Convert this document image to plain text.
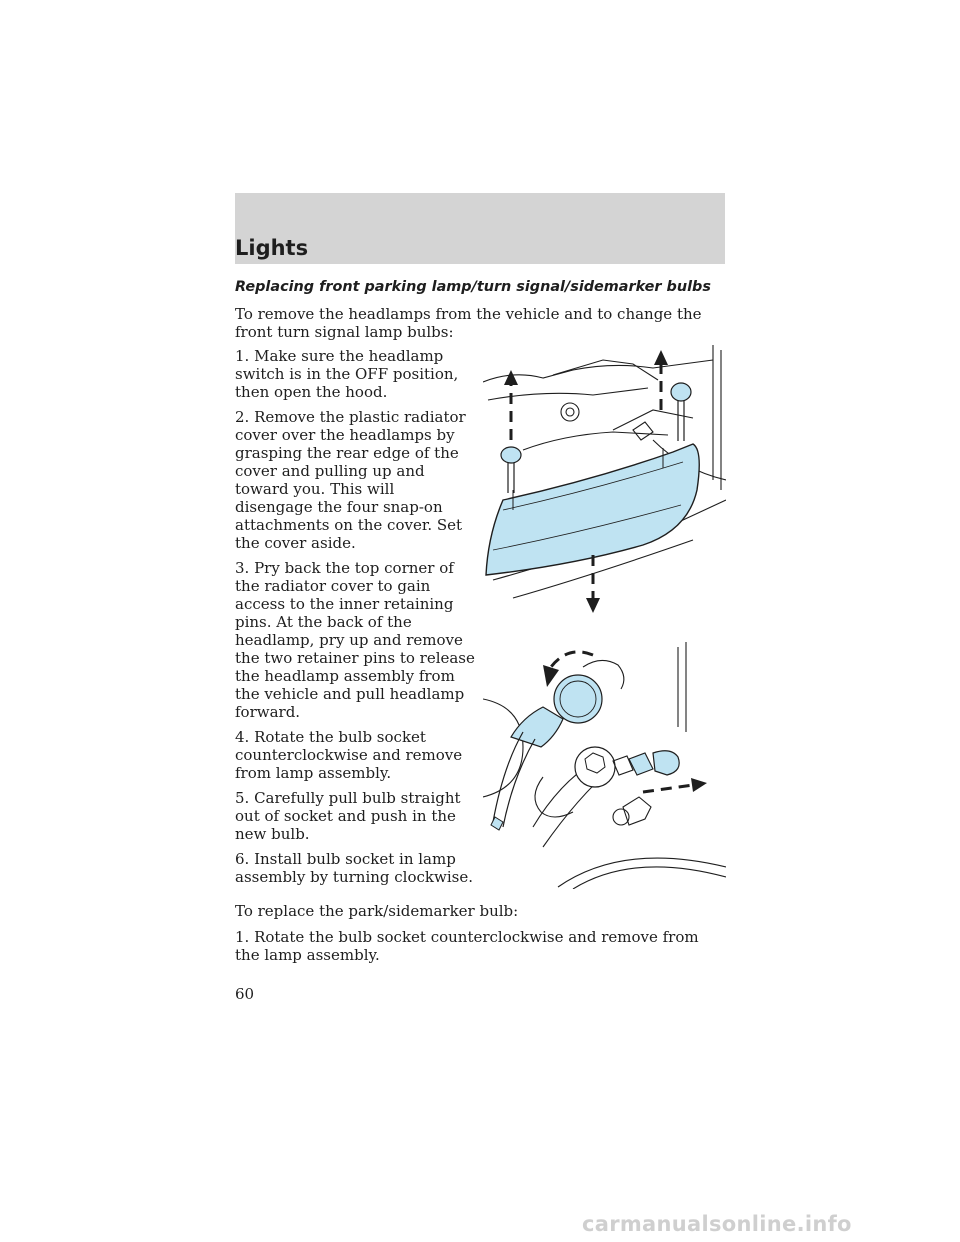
Lights
Replacing front parking lamp/turn signal/sidemarker bulbs

To remove the headlamps from the vehicle and to change the front turn signal lamp bulbs:

1. Make sure the headlamp switch is in the OFF position, then open the hood.
2. Remove the plastic radiator cover over the headlamps by grasping the rear edge of the cover and pulling up and toward you. This will disengage the four snap-on attachments on the cover. Set the cover aside.
3. Pry back the top corner of the radiator cover to gain access to the inner retaining pins. At the back of the headlamp, pry up and remove the two retainer pins to release the headlamp assembly from the vehicle and pull headlamp forward.
4. Rotate the bulb socket counterclockwise and remove from lamp assembly.
5. Carefully pull bulb straight out of socket and push in the new bulb.
6. Install bulb socket in lamp assembly by turning clockwise.

To replace the park/sidemarker bulb:

1. Rotate the bulb socket counterclockwise and remove from the lamp assembly.

60

carmanualsonline.info
